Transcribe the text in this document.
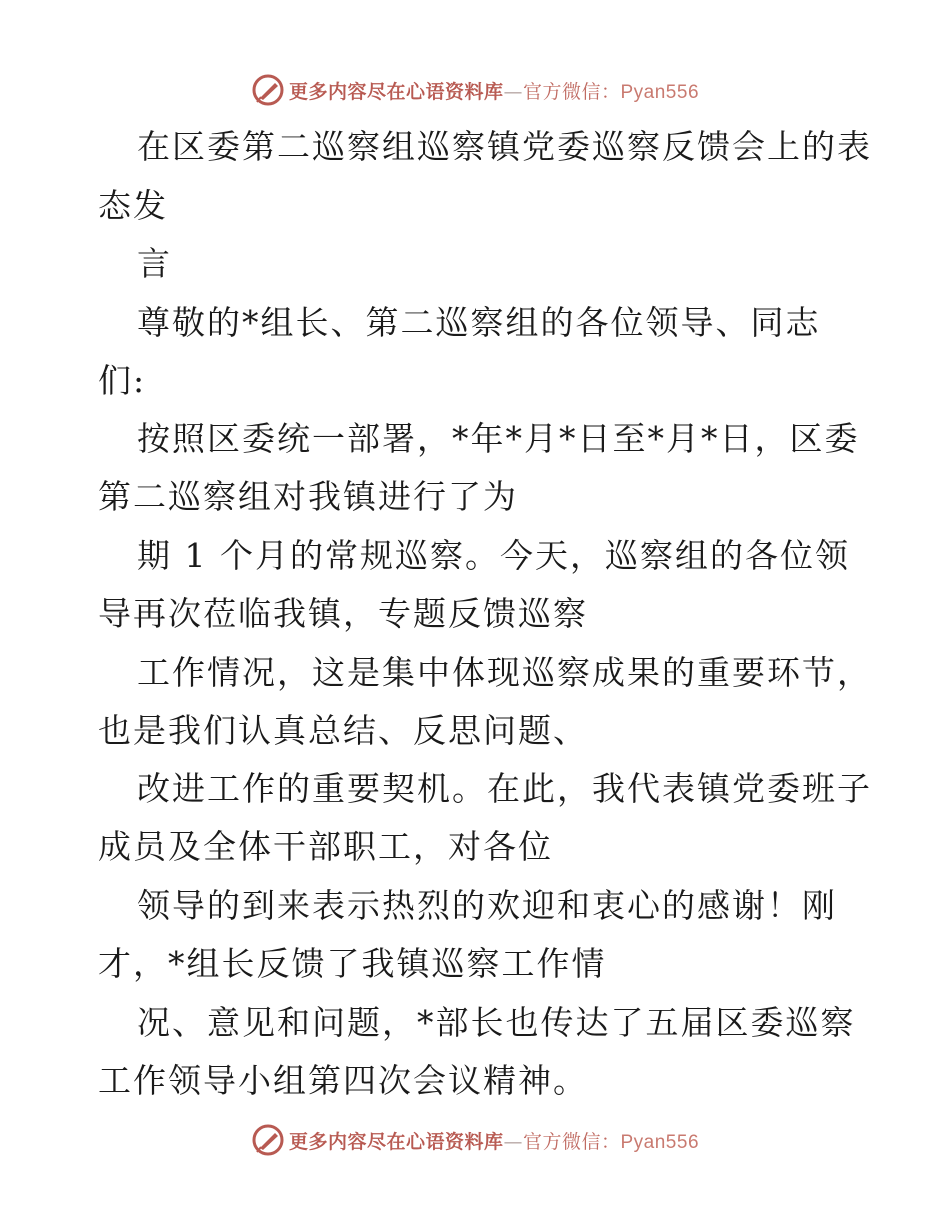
更多内容尽在心语资料库—官方微信：Pyan556
在区委第二巡察组巡察镇党委巡察反馈会上的表
态发
言
尊敬的*组长、第二巡察组的各位领导、同志
们:
按照区委统一部署，*年*月*日至*月*日，区委
第二巡察组对我镇进行了为
期 1 个月的常规巡察。今天，巡察组的各位领
导再次莅临我镇，专题反馈巡察
工作情况，这是集中体现巡察成果的重要环节，
也是我们认真总结、反思问题、
改进工作的重要契机。在此，我代表镇党委班子
成员及全体干部职工，对各位
领导的到来表示热烈的欢迎和衷心的感谢！刚
才，*组长反馈了我镇巡察工作情
况、意见和问题，*部长也传达了五届区委巡察
工作领导小组第四次会议精神。
更多内容尽在心语资料库—官方微信：Pyan556
